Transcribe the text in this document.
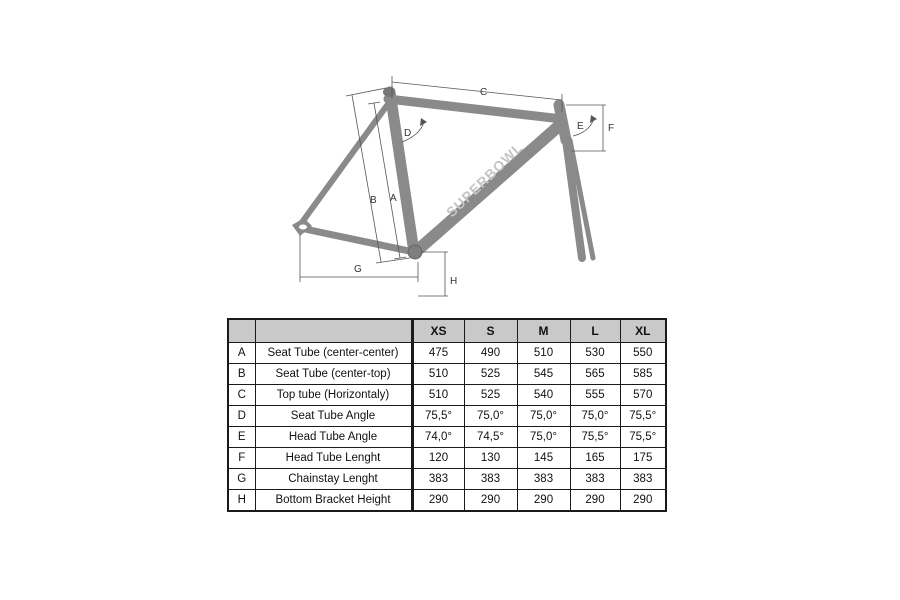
SUPERBOWL
A
B
C
D
E F
G
H
		XS	S	M	L	XL
A	Seat Tube (center-center)	475	490	510	530	550
B	Seat Tube (center-top)	510	525	545	565	585
C	Top tube (Horizontaly)	510	525	540	555	570
D	Seat Tube Angle	75,5°	75,0°	75,0°	75,0°	75,5°
E	Head Tube Angle	74,0°	74,5°	75,0°	75,5°	75,5°
F	Head Tube Lenght	120	130	145	165	175
G	Chainstay Lenght	383	383	383	383	383
H	Bottom Bracket Height	290	290	290	290	290
